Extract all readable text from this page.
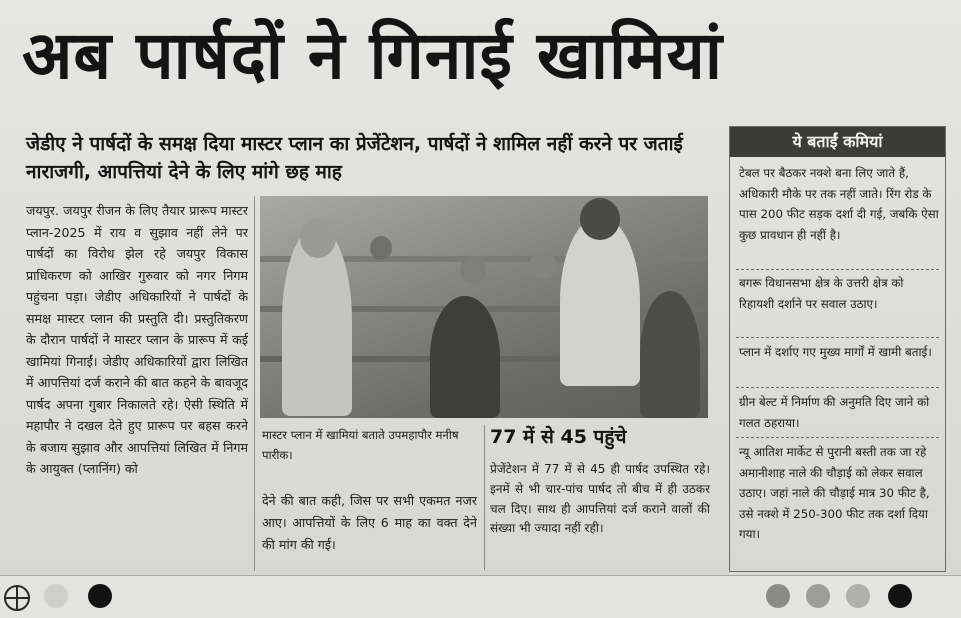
अब पार्षदों ने गिनाई खामियां
जेडीए ने पार्षदों के समक्ष दिया मास्टर प्लान का प्रेजेंटेशन, पार्षदों ने शामिल नहीं करने पर जताई नाराजगी, आपत्तियां देने के लिए मांगे छह माह
जयपुर. जयपुर रीजन के लिए तैयार प्रारूप मास्टर प्लान-2025 में राय व सुझाव नहीं लेने पर पार्षदों का विरोध झेल रहे जयपुर विकास प्राधिकरण को आखिर गुरुवार को नगर निगम पहुंचना पड़ा। जेडीए अधिकारियों ने पार्षदों के समक्ष मास्टर प्लान की प्रस्तुति दी। प्रस्तुतिकरण के दौरान पार्षदों ने मास्टर प्लान के प्रारूप में कई खामियां गिनाईं। जेडीए अधिकारियों द्वारा लिखित में आपत्तियां दर्ज कराने की बात कहने के बावजूद पार्षद अपना गुबार निकालते रहे। ऐसी स्थिति में महापौर ने दखल देते हुए प्रारूप पर बहस करने के बजाय सुझाव और आपत्तियां लिखित में निगम के आयुक्त (प्लानिंग) को
मास्टर प्लान में खामियां बताते उपमहापौर मनीष पारीक।
देने की बात कही, जिस पर सभी एकमत नजर आए। आपत्तियों के लिए 6 माह का वक्त देने की मांग की गई।
77 में से 45 पहुंचे
प्रेजेंटेशन में 77 में से 45 ही पार्षद उपस्थित रहे। इनमें से भी चार-पांच पार्षद तो बीच में ही उठकर चल दिए। साथ ही आपत्तियां दर्ज कराने वालों की संख्या भी ज्यादा नहीं रही।
ये बताईं कमियां
टेबल पर बैठकर नक्शे बना लिए जाते हैं, अधिकारी मौके पर तक नहीं जाते। रिंग रोड के पास 200 फीट सड़क दर्शा दी गई, जबकि ऐसा कुछ प्रावधान ही नहीं है।
बगरू विधानसभा क्षेत्र के उत्तरी क्षेत्र को रिहायशी दर्शाने पर सवाल उठाए।
प्लान में दर्शाए गए मुख्य मार्गों में खामी बताई।
ग्रीन बेल्ट में निर्माण की अनुमति दिए जाने को गलत ठहराया।
न्यू आतिश मार्केट से पुरानी बस्ती तक जा रहे अमानीशाह नाले की चौड़ाई को लेकर सवाल उठाए। जहां नाले की चौड़ाई मात्र 30 फीट है, उसे नक्शे में 250-300 फीट तक दर्शा दिया गया।
